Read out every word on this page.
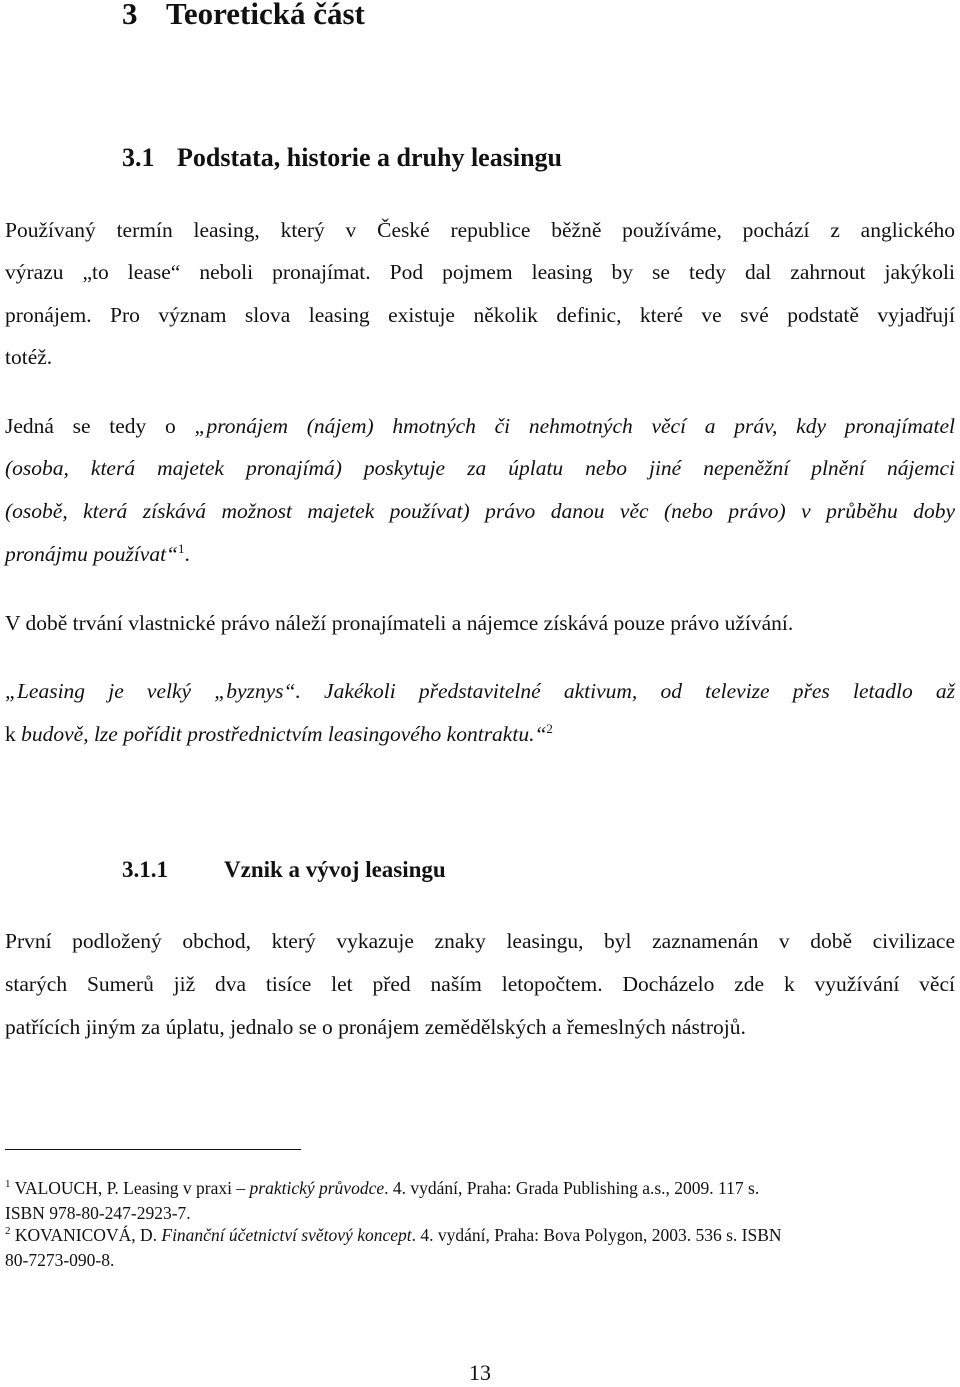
3 Teoretická část
3.1 Podstata, historie a druhy leasingu
Používaný termín leasing, který v České republice běžně používáme, pochází z anglického
výrazu „to lease“ neboli pronajímat. Pod pojmem leasing by se tedy dal zahrnout jakýkoli
pronájem. Pro význam slova leasing existuje několik definic, které ve své podstatě vyjadřují
totéž.
Jedná se tedy o „pronájem (nájem) hmotných či nehmotných věcí a práv, kdy pronajímatel
(osoba, která majetek pronajímá) poskytuje za úplatu nebo jiné nepeněžní plnění nájemci
(osobě, která získává možnost majetek používat) právo danou věc (nebo právo) v průběhu doby
pronájmu používat“$^1$.
V době trvání vlastnické právo náleží pronajímateli a nájemce získává pouze právo užívání.
„Leasing je velký „byznys“. Jakékoli představitelné aktivum, od televize přes letadlo až
k budově, lze pořídit prostřednictvím leasingového kontraktu.“$^2$
3.1.1 Vznik a vývoj leasingu
První podložený obchod, který vykazuje znaky leasingu, byl zaznamenán v době civilizace
starých Sumerů již dva tisíce let před naším letopočtem. Docházelo zde k využívání věcí
patřících jiným za úplatu, jednalo se o pronájem zemědělských a řemeslných nástrojů.
$^1$ VALOUCH, P. Leasing v praxi – praktický průvodce. 4. vydání, Praha: Grada Publishing a.s., 2009. 117 s.
ISBN 978-80-247-2923-7.
$^2$ KOVANICOVÁ, D. Finanční účetnictví světový koncept. 4. vydání, Praha: Bova Polygon, 2003. 536 s. ISBN
80-7273-090-8.
13
